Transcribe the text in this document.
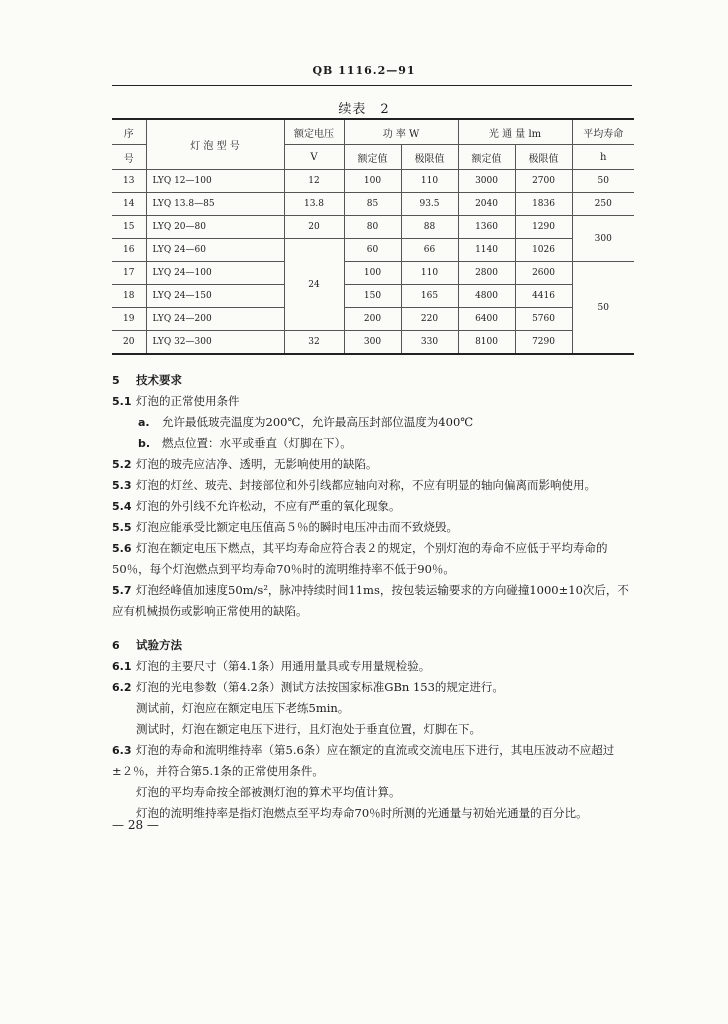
QB 1116.2—91
续表 2
序	灯 泡 型 号	额定电压	功 率 W		光 通 量 lm		平均寿命
号		V	额定值	极限值	额定值	极限值	h
13	LYQ 12—100	12	100	110	3000	2700	50
14	LYQ 13.8—85	13.8	85	93.5	2040	1836	250
15	LYQ 20—80	20	80	88	1360	1290	300
16	LYQ 24—60	24	60	66	1140	1026	
17	LYQ 24—100		100	110	2800	2600	50
18	LYQ 24—150		150	165	4800	4416	
19	LYQ 24—200		200	220	6400	5760	
20	LYQ 32—300	32	300	330	8100	7290	

5 技术要求

5.1 灯泡的正常使用条件

a. 允许最低玻壳温度为200℃，允许最高压封部位温度为400℃

b. 燃点位置：水平或垂直（灯脚在下）。

5.2 灯泡的玻壳应洁净、透明，无影响使用的缺陷。

5.3 灯泡的灯丝、玻壳、封接部位和外引线都应轴向对称，不应有明显的轴向偏离而影响使用。

5.4 灯泡的外引线不允许松动，不应有严重的氧化现象。

5.5 灯泡应能承受比额定电压值高５％的瞬时电压冲击而不致烧毁。

5.6 灯泡在额定电压下燃点，其平均寿命应符合表２的规定，个别灯泡的寿命不应低于平均寿命的50％，每个灯泡燃点到平均寿命70％时的流明维持率不低于90％。

5.7 灯泡经峰值加速度50m/s²，脉冲持续时间11ms，按包装运输要求的方向碰撞1000±10次后，不应有机械损伤或影响正常使用的缺陷。

6 试验方法

6.1 灯泡的主要尺寸（第4.1条）用通用量具或专用量规检验。

6.2 灯泡的光电参数（第4.2条）测试方法按国家标准GBn 153的规定进行。

测试前，灯泡应在额定电压下老练5min。

测试时，灯泡在额定电压下进行，且灯泡处于垂直位置，灯脚在下。

6.3 灯泡的寿命和流明维持率（第5.6条）应在额定的直流或交流电压下进行，其电压波动不应超过±２％，并符合第5.1条的正常使用条件。

灯泡的平均寿命按全部被测灯泡的算术平均值计算。

灯泡的流明维持率是指灯泡燃点至平均寿命70％时所测的光通量与初始光通量的百分比。

— 28 —
